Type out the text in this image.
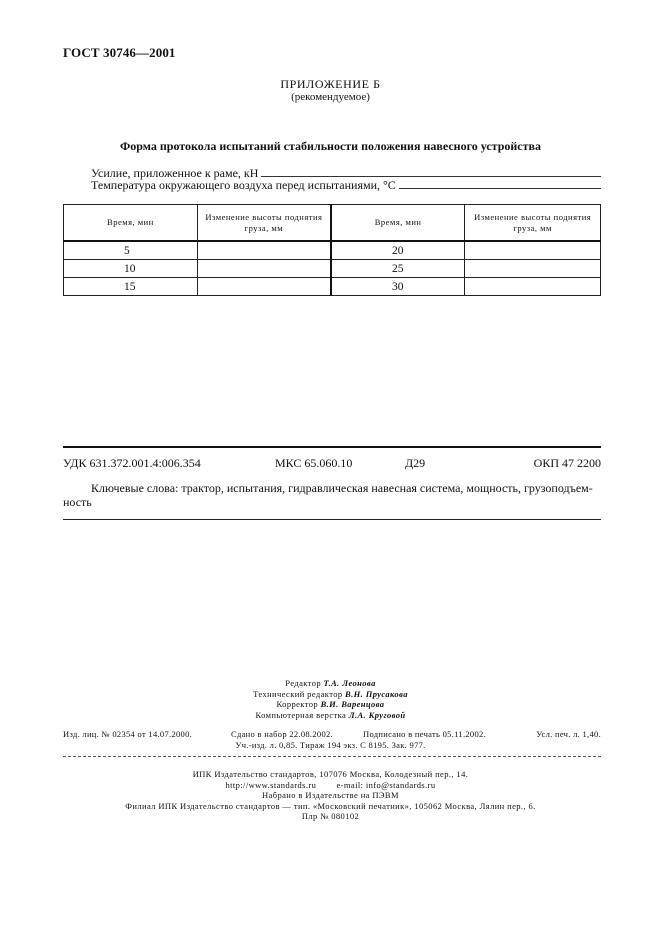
ГОСТ 30746—2001
ПРИЛОЖЕНИЕ Б
(рекомендуемое)
Форма протокола испытаний стабильности положения навесного устройства
Усилие, приложенное к раме, кН
Температура окружающего воздуха перед испытаниями, °С
Время, мин	Изменение высоты поднятия груза, мм	Время, мин	Изменение высоты поднятия груза, мм
5		20	
10		25	
15		30	
УДК 631.372.001.4:006.354	МКС 65.060.10	Д29	ОКП 47 2200
Ключевые слова: трактор, испытания, гидравлическая навесная система, мощность, грузоподъем-
ность
Редактор Т.А. Леонова
Технический редактор В.Н. Прусакова
Корректор В.И. Варенцова
Компьютерная верстка Л.А. Круговой
Изд. лиц. № 02354 от 14.07.2000.	Сдано в набор 22.08.2002.	Подписано в печать 05.11.2002.	Усл. печ. л. 1,40.
Уч.-изд. л. 0,85. Тираж 194 экз. С 8195. Зак. 977.
ИПК Издательство стандартов, 107076 Москва, Колодезный пер., 14.
http://www.standards.ru e-mail: info@standards.ru
Набрано в Издательстве на ПЭВМ
Филиал ИПК Издательство стандартов — тип. «Московский печатник», 105062 Москва, Лялин пер., 6.
Плр № 080102
